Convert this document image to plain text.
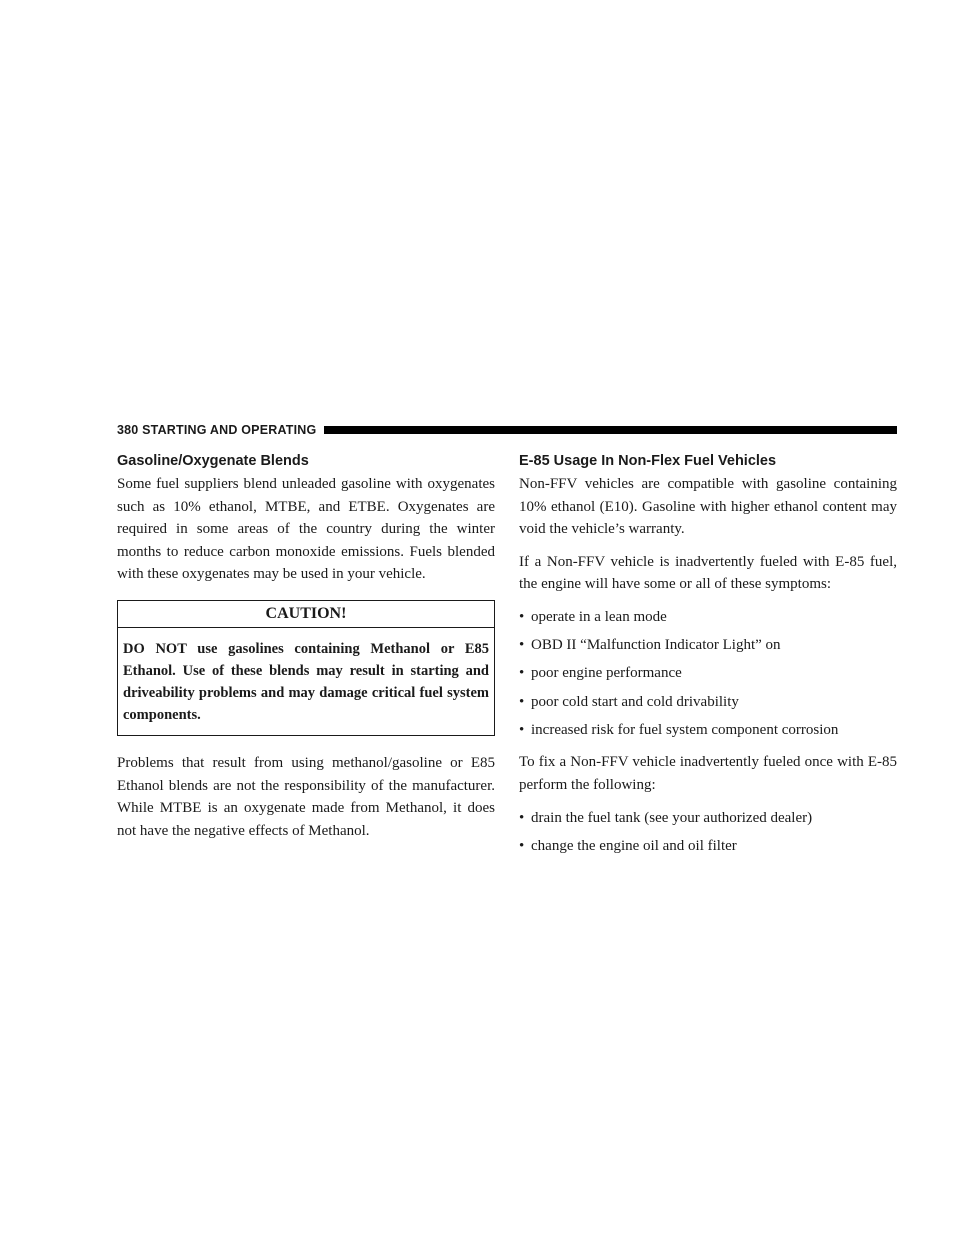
380 STARTING AND OPERATING
Gasoline/Oxygenate Blends

Some fuel suppliers blend unleaded gasoline with oxygenates such as 10% ethanol, MTBE, and ETBE. Oxygenates are required in some areas of the country during the winter months to reduce carbon monoxide emissions. Fuels blended with these oxygenates may be used in your vehicle.

CAUTION!
DO NOT use gasolines containing Methanol or E85 Ethanol. Use of these blends may result in starting and driveability problems and may damage critical fuel system components.

Problems that result from using methanol/gasoline or E85 Ethanol blends are not the responsibility of the manufacturer. While MTBE is an oxygenate made from Methanol, it does not have the negative effects of Methanol.

E-85 Usage In Non-Flex Fuel Vehicles

Non-FFV vehicles are compatible with gasoline containing 10% ethanol (E10). Gasoline with higher ethanol content may void the vehicle’s warranty.

If a Non-FFV vehicle is inadvertently fueled with E-85 fuel, the engine will have some or all of these symptoms:

• operate in a lean mode
• OBD II “Malfunction Indicator Light” on
• poor engine performance
• poor cold start and cold drivability
• increased risk for fuel system component corrosion

To fix a Non-FFV vehicle inadvertently fueled once with E-85 perform the following:

• drain the fuel tank (see your authorized dealer)
• change the engine oil and oil filter
